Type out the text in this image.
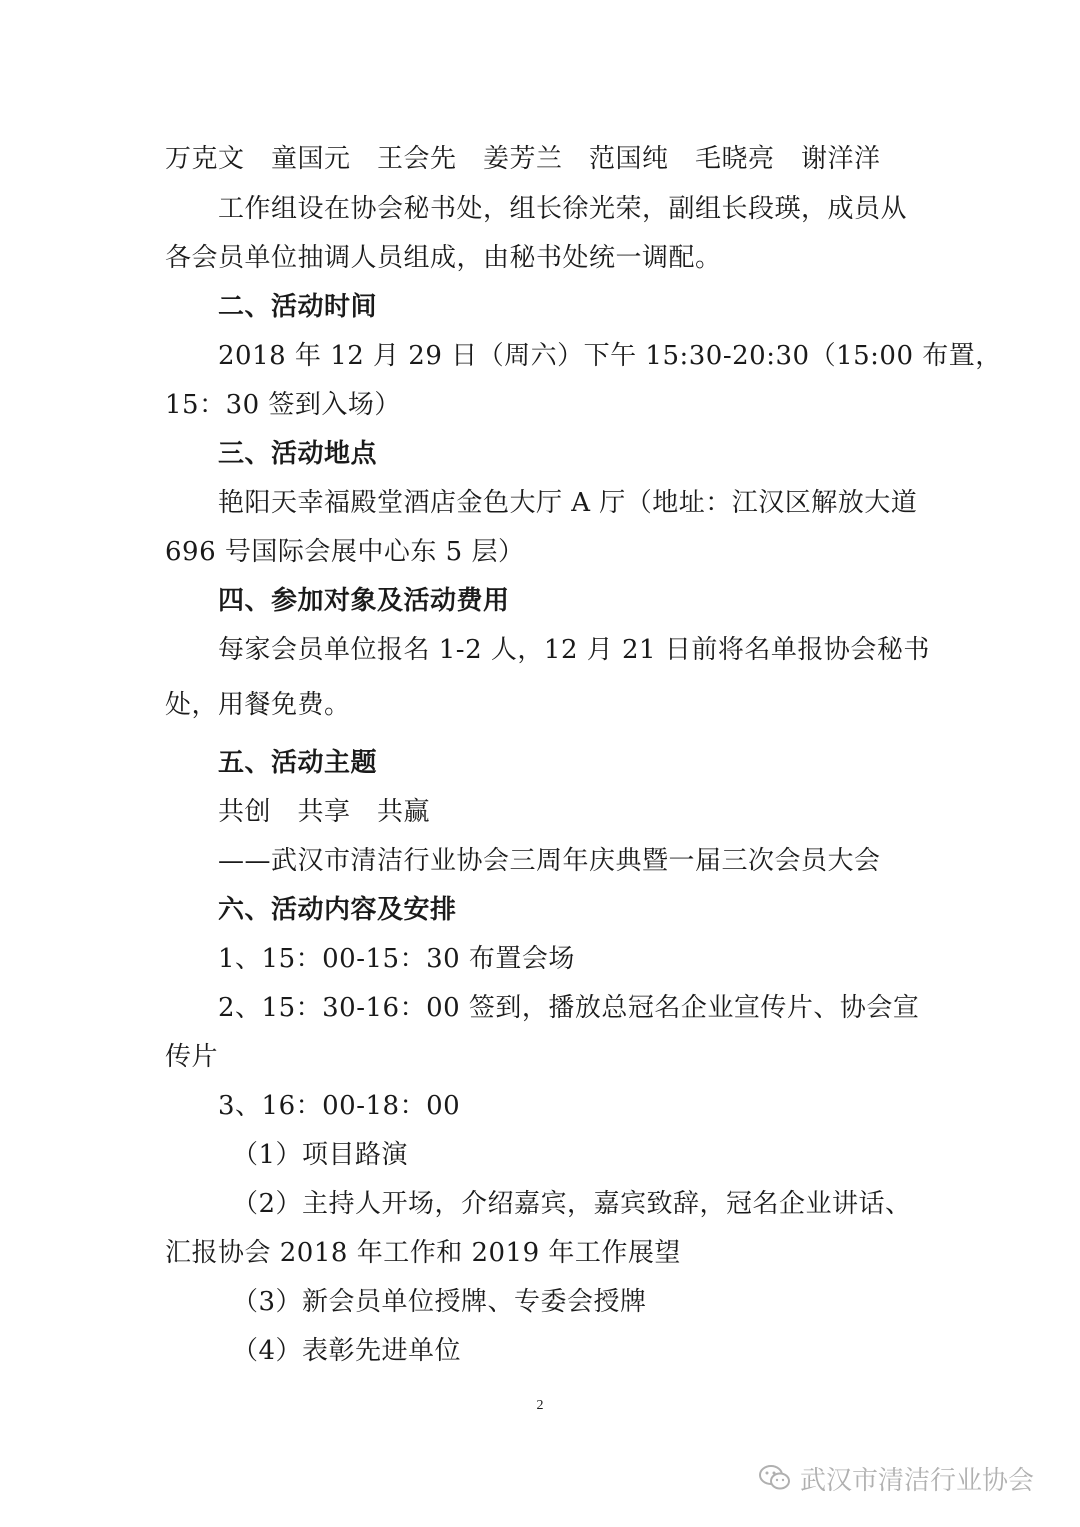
万克文　童国元　王会先　姜芳兰　范国纯　毛晓亮　谢洋洋
工作组设在协会秘书处，组长徐光荣，副组长段瑛，成员从
各会员单位抽调人员组成，由秘书处统一调配。
二、活动时间
2018 年 12 月 29 日（周六）下午 15:30-20:30（15:00 布置，
15：30 签到入场）
三、活动地点
艳阳天幸福殿堂酒店金色大厅 A 厅（地址：江汉区解放大道
696 号国际会展中心东 5 层）
四、参加对象及活动费用
每家会员单位报名 1-2 人，12 月 21 日前将名单报协会秘书
处，用餐免费。
五、活动主题
共创　共享　共赢
——武汉市清洁行业协会三周年庆典暨一届三次会员大会
六、活动内容及安排
1、15：00-15：30 布置会场
2、15：30-16：00 签到，播放总冠名企业宣传片、协会宣
传片
3、16：00-18：00
（1）项目路演
（2）主持人开场，介绍嘉宾，嘉宾致辞，冠名企业讲话、
汇报协会 2018 年工作和 2019 年工作展望
（3）新会员单位授牌、专委会授牌
（4）表彰先进单位
2
武汉市清洁行业协会
